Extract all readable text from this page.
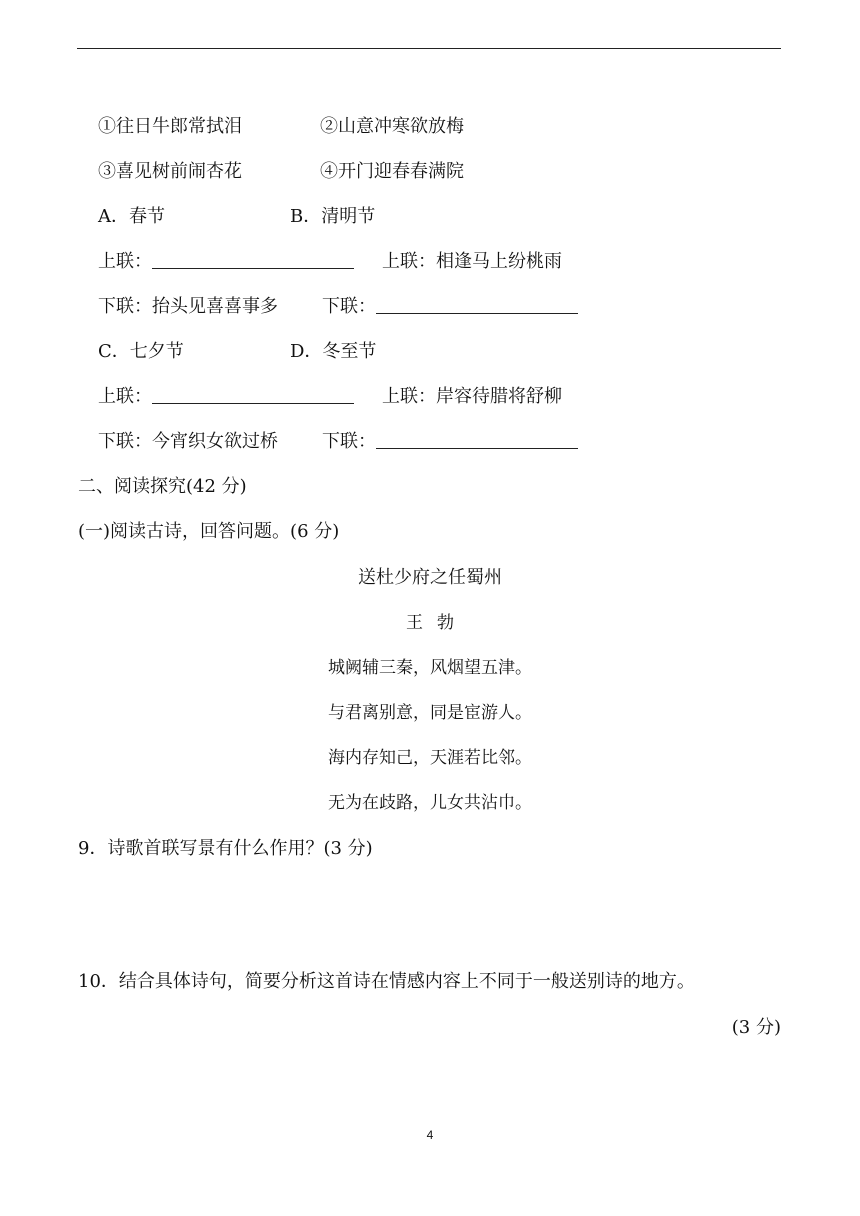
①往日牛郎常拭泪	②山意冲寒欲放梅
③喜见树前闹杏花	④开门迎春春满院
A．春节	B．清明节
上联：	上联：相逢马上纷桃雨
下联：抬头见喜喜事多 下联：
C．七夕节	D．冬至节
上联：	上联：岸容待腊将舒柳
下联：今宵织女欲过桥 下联：
二、阅读探究(42 分)
(一)阅读古诗，回答问题。(6 分)
送杜少府之任蜀州
王勃
城阙辅三秦，风烟望五津。
与君离别意，同是宦游人。
海内存知己，天涯若比邻。
无为在歧路，儿女共沾巾。
9．诗歌首联写景有什么作用？(3 分)
10．结合具体诗句，简要分析这首诗在情感内容上不同于一般送别诗的地方。
(3 分)
4
